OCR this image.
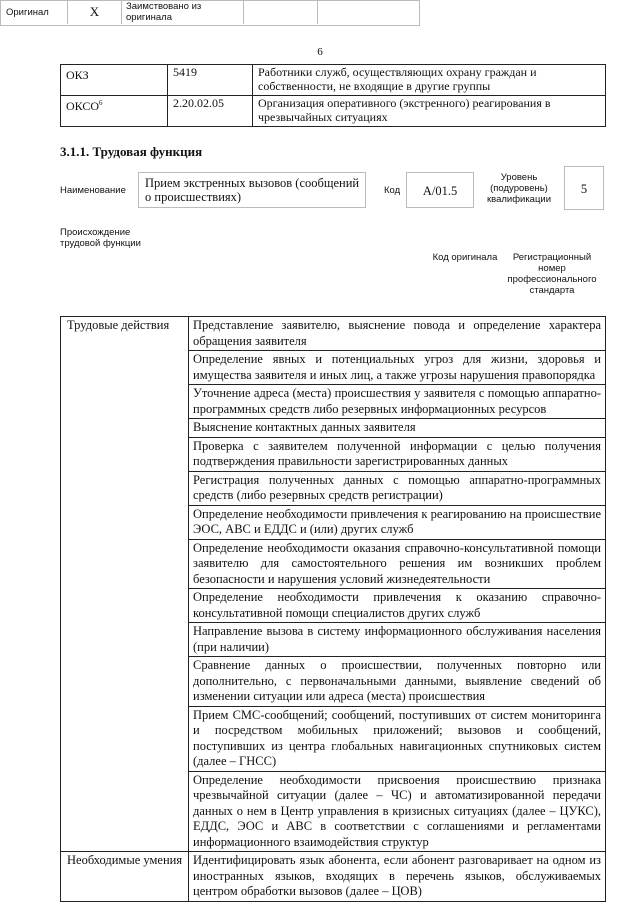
6
ОКЗ	5419	Работники служб, осуществляющих охрану граждан и собственности, не входящие в другие группы
ОКСО$^6$	2.20.02.05	Организация оперативного (экстренного) реагирования в чрезвычайных ситуациях
3.1.1. Трудовая функция
Наименование
Прием экстренных вызовов (сообщений о происшествиях)	Код	A/01.5
Уровень (подуровень) квалификации
5
Происхождение трудовой функции
Оригинал	X	Заимствовано из оригинала
Код оригинала	Регистрационный номер профессионального стандарта
Трудовые действия	Представление заявителю, выяснение повода и определение характера обращения заявителя
	Определение явных и потенциальных угроз для жизни, здоровья и имущества заявителя и иных лиц, а также угрозы нарушения правопорядка
	Уточнение адреса (места) происшествия у заявителя с помощью аппаратно-программных средств либо резервных информационных ресурсов
	Выяснение контактных данных заявителя
	Проверка с заявителем полученной информации с целью получения подтверждения правильности зарегистрированных данных
	Регистрация полученных данных с помощью аппаратно-программных средств (либо резервных средств регистрации)
	Определение необходимости привлечения к реагированию на происшествие ЭОС, АВС и ЕДДС и (или) других служб
	Определение необходимости оказания справочно-консультативной помощи заявителю для самостоятельного решения им возникших проблем безопасности и нарушения условий жизнедеятельности
	Определение необходимости привлечения к оказанию справочно-консультативной помощи специалистов других служб
	Направление вызова в систему информационного обслуживания населения (при наличии)
	Сравнение данных о происшествии, полученных повторно или дополнительно, с первоначальными данными, выявление сведений об изменении ситуации или адреса (места) происшествия
	Прием СМС-сообщений; сообщений, поступивших от систем мониторинга и посредством мобильных приложений; вызовов и сообщений, поступивших из центра глобальных навигационных спутниковых систем (далее – ГНСС)
	Определение необходимости присвоения происшествию признака чрезвычайной ситуации (далее – ЧС) и автоматизированной передачи данных о нем в Центр управления в кризисных ситуациях (далее – ЦУКС), ЕДДС, ЭОС и АВС в соответствии с соглашениями и регламентами информационного взаимодействия структур
Необходимые умения	Идентифицировать язык абонента, если абонент разговаривает на одном из иностранных языков, входящих в перечень языков, обслуживаемых центром обработки вызовов (далее – ЦОВ)
